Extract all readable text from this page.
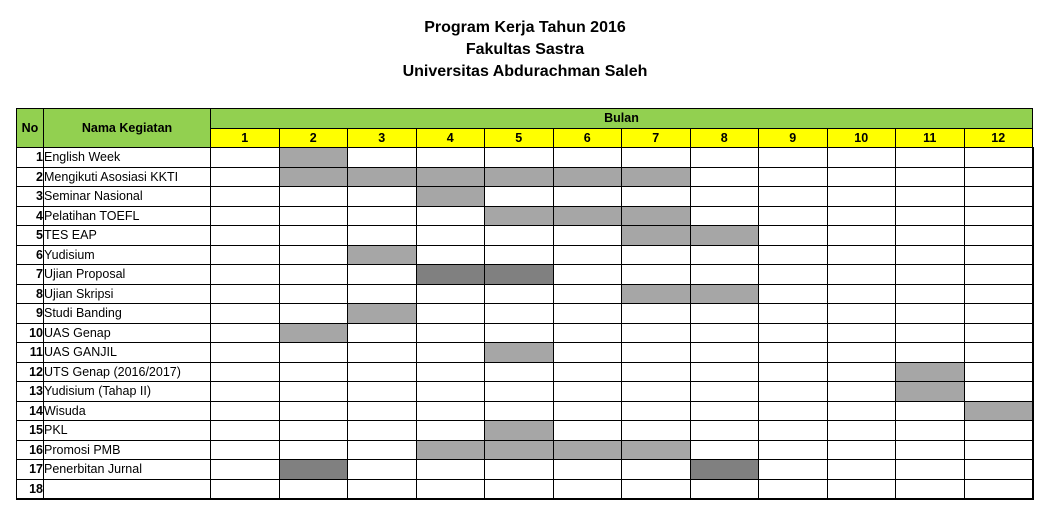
Program Kerja Tahun 2016
Fakultas Sastra
Universitas Abdurachman Saleh
No	Nama Kegiatan	Bulan											
		1	2	3	4	5	6	7	8	9	10	11	12
1	English Week												
2	Mengikuti Asosiasi KKTI												
3	Seminar Nasional												
4	Pelatihan TOEFL												
5	TES EAP												
6	Yudisium												
7	Ujian Proposal												
8	Ujian Skripsi												
9	Studi Banding												
10	UAS Genap												
11	UAS GANJIL												
12	UTS Genap (2016/2017)												
13	Yudisium (Tahap II)												
14	Wisuda												
15	PKL												
16	Promosi PMB												
17	Penerbitan Jurnal												
18													
